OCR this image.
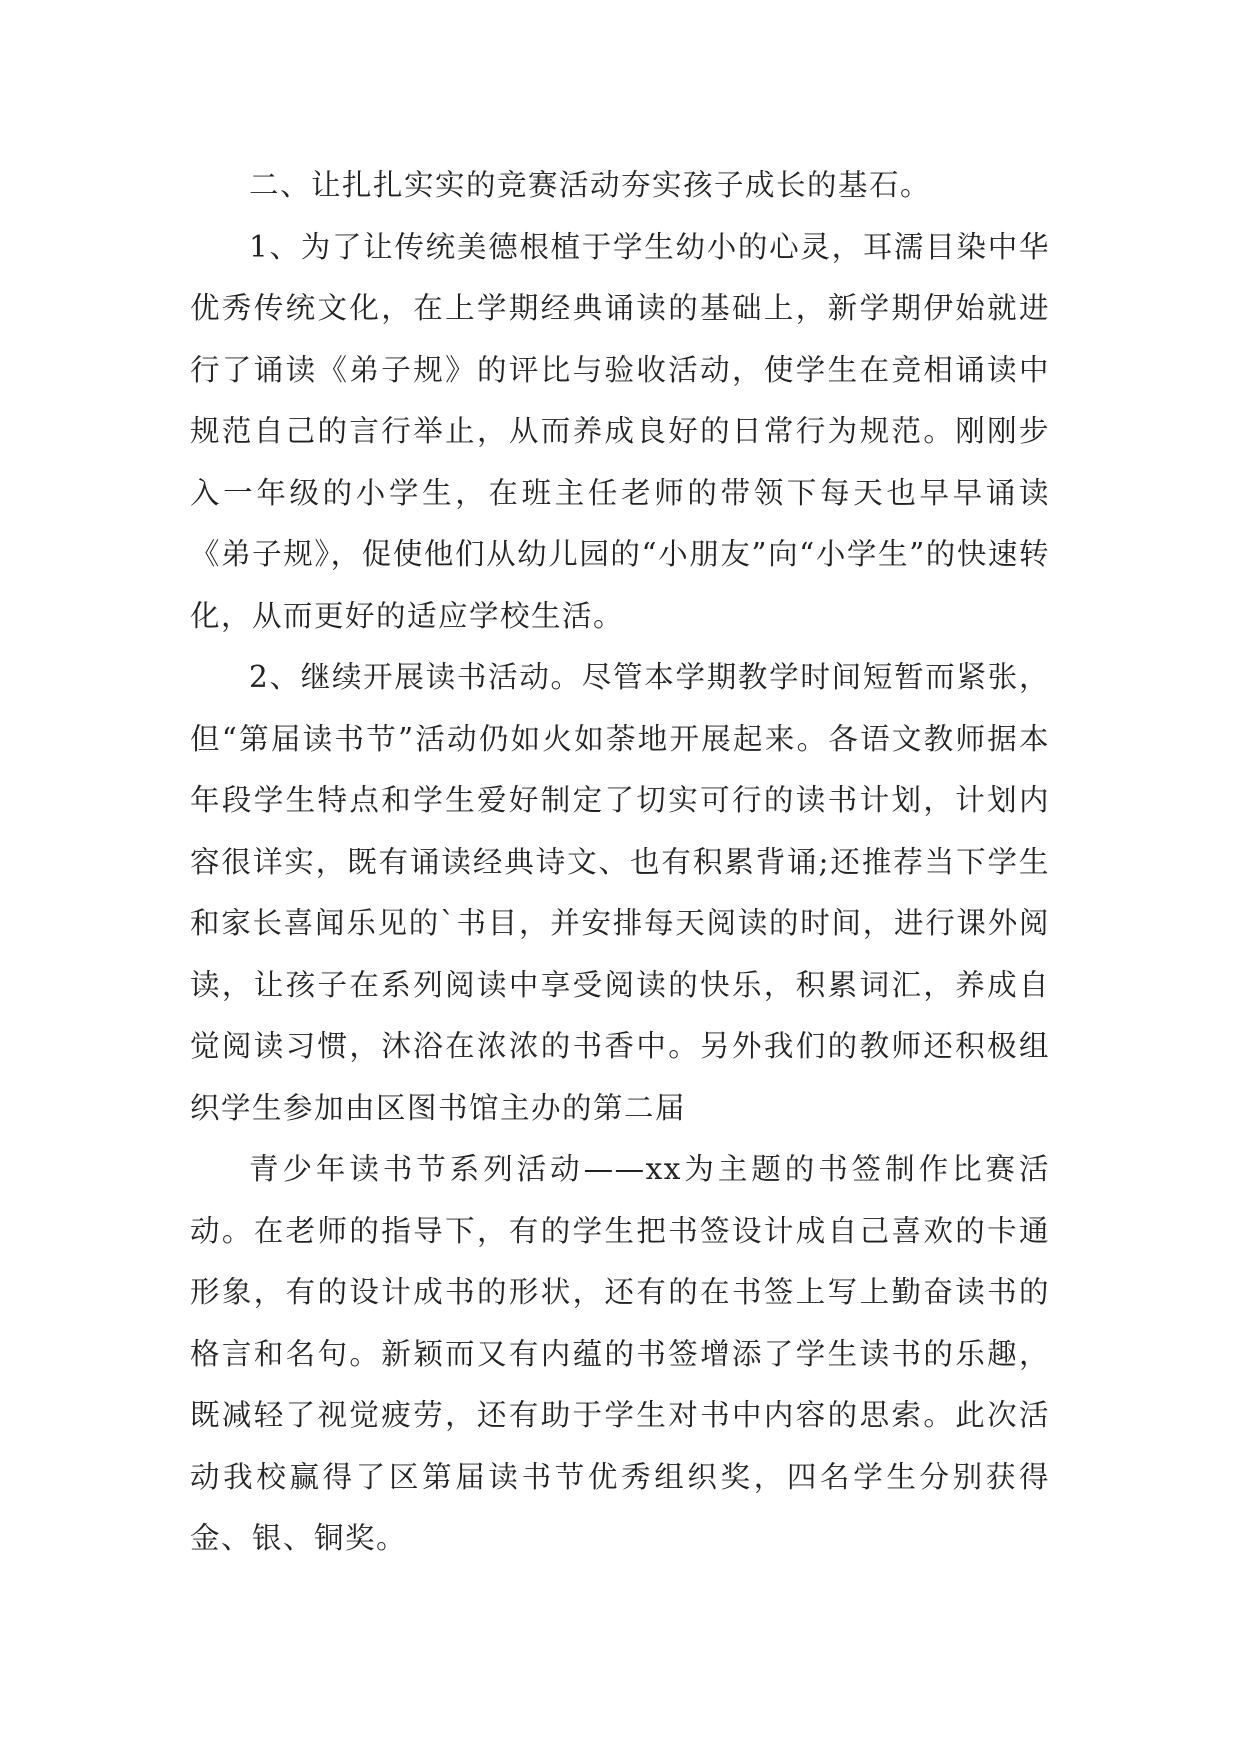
二、让扎扎实实的竞赛活动夯实孩子成长的基石。

1、为了让传统美德根植于学生幼小的心灵，耳濡目染中华优秀传统文化，在上学期经典诵读的基础上，新学期伊始就进行了诵读《弟子规》的评比与验收活动，使学生在竞相诵读中规范自己的言行举止，从而养成良好的日常行为规范。刚刚步入一年级的小学生，在班主任老师的带领下每天也早早诵读《弟子规》，促使他们从幼儿园的“小朋友”向“小学生”的快速转化，从而更好的适应学校生活。

2、继续开展读书活动。尽管本学期教学时间短暂而紧张，但“第届读书节”活动仍如火如荼地开展起来。各语文教师据本年段学生特点和学生爱好制定了切实可行的读书计划，计划内容很详实，既有诵读经典诗文、也有积累背诵;还推荐当下学生和家长喜闻乐见的`书目，并安排每天阅读的时间，进行课外阅读，让孩子在系列阅读中享受阅读的快乐，积累词汇，养成自觉阅读习惯，沐浴在浓浓的书香中。另外我们的教师还积极组织学生参加由区图书馆主办的第二届

青少年读书节系列活动——xx为主题的书签制作比赛活动。在老师的指导下，有的学生把书签设计成自己喜欢的卡通形象，有的设计成书的形状，还有的在书签上写上勤奋读书的格言和名句。新颖而又有内蕴的书签增添了学生读书的乐趣，既减轻了视觉疲劳，还有助于学生对书中内容的思索。此次活动我校赢得了区第届读书节优秀组织奖，四名学生分别获得金、银、铜奖。
